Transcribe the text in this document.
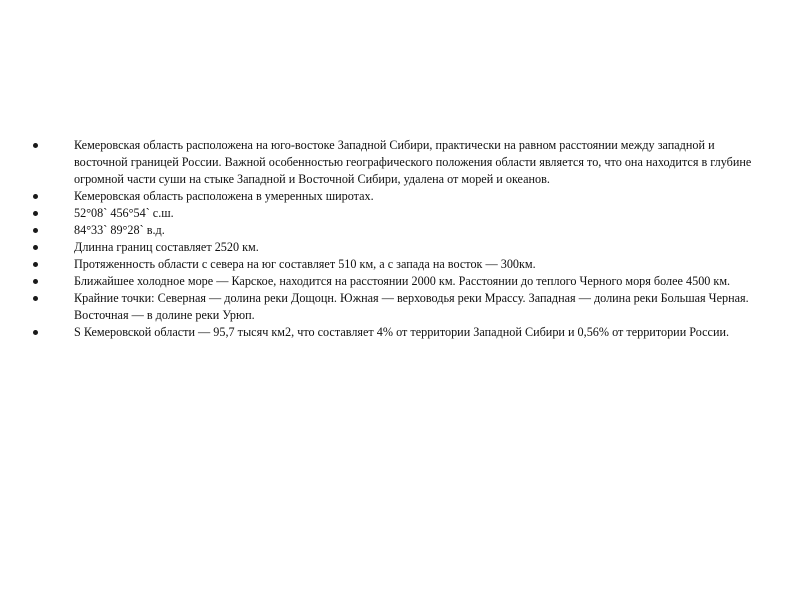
Кемеровская область расположена на юго-востоке Западной Сибири, практически на равном расстоянии между западной и восточной границей России. Важной особенностью географического положения области является то, что она находится в глубине огромной части суши на стыке Западной и Восточной Сибири, удалена от морей и океанов.
Кемеровская область расположена в умеренных широтах.
52°08` 456°54` с.ш.
84°33` 89°28` в.д.
Длинна границ составляет 2520 км.
Протяженность области с севера на юг составляет 510 км, а с запада на восток — 300км.
Ближайшее холодное море — Карское, находится на расстоянии 2000 км. Расстоянии до теплого Черного моря более 4500 км.
Крайние точки: Северная — долина реки Дощоцн. Южная — верховодья реки Мрассу. Западная — долина реки Большая Черная. Восточная — в долине реки Урюп.
S Кемеровской области — 95,7 тысяч км2, что составляет 4% от территории Западной Сибири и 0,56% от территории России.
